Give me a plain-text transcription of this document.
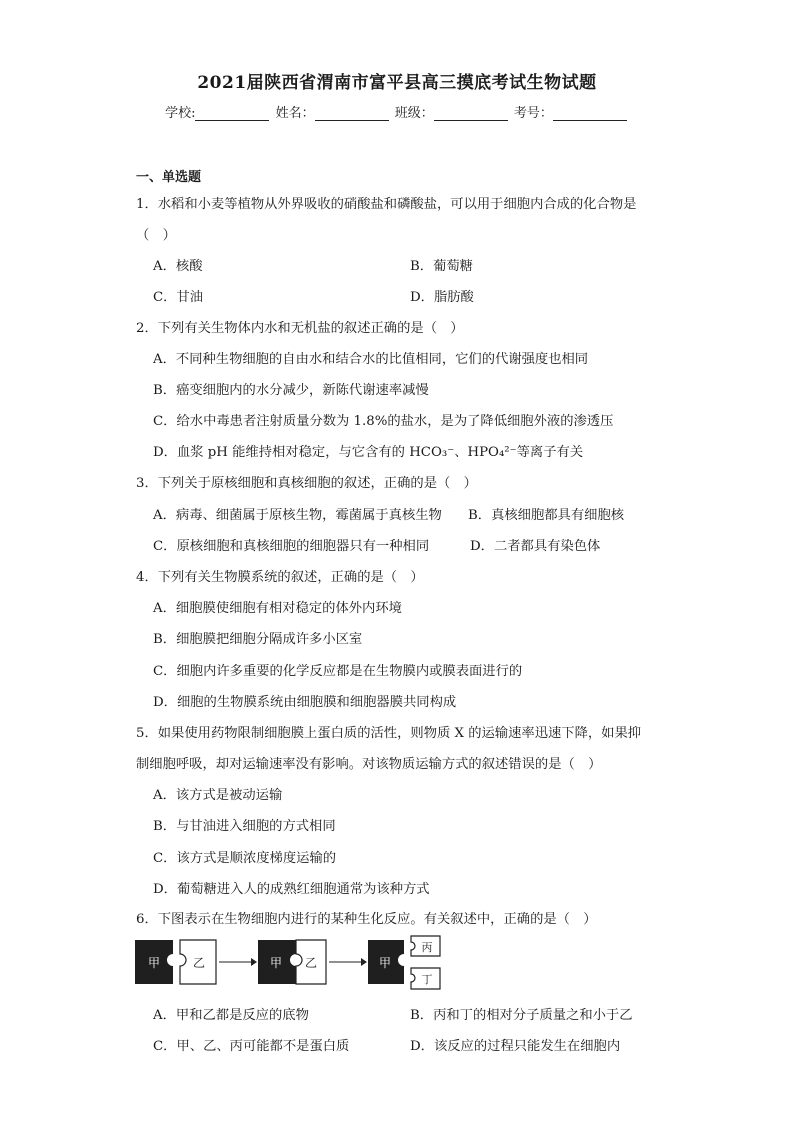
2021届陕西省渭南市富平县高三摸底考试生物试题
学校:	姓名：	班级：	考号：
一、单选题
1．水稻和小麦等植物从外界吸收的硝酸盐和磷酸盐，可以用于细胞内合成的化合物是
（　）
A．核酸	B．葡萄糖
C．甘油	D．脂肪酸
2．下列有关生物体内水和无机盐的叙述正确的是（　）
A．不同种生物细胞的自由水和结合水的比值相同，它们的代谢强度也相同
B．癌变细胞内的水分减少，新陈代谢速率减慢
C．给水中毒患者注射质量分数为 1.8%的盐水，是为了降低细胞外液的渗透压
D．血浆 pH 能维持相对稳定，与它含有的 HCO₃⁻、HPO₄²⁻等离子有关
3．下列关于原核细胞和真核细胞的叙述，正确的是（　）
A．病毒、细菌属于原核生物，霉菌属于真核生物 B．真核细胞都具有细胞核
C．原核细胞和真核细胞的细胞器只有一种相同	D．二者都具有染色体
4．下列有关生物膜系统的叙述，正确的是（　）
A．细胞膜使细胞有相对稳定的体外内环境
B．细胞膜把细胞分隔成许多小区室
C．细胞内许多重要的化学反应都是在生物膜内或膜表面进行的
D．细胞的生物膜系统由细胞膜和细胞器膜共同构成
5．如果使用药物限制细胞膜上蛋白质的活性，则物质 X 的运输速率迅速下降，如果抑
制细胞呼吸，却对运输速率没有影响。对该物质运输方式的叙述错误的是（　）
A．该方式是被动运输
B．与甘油进入细胞的方式相同
C．该方式是顺浓度梯度运输的
D．葡萄糖进入人的成熟红细胞通常为该种方式
6．下图表示在生物细胞内进行的某种生化反应。有关叙述中，正确的是（　）
甲	乙	甲 乙	甲
丙
丁
A．甲和乙都是反应的底物	B．丙和丁的相对分子质量之和小于乙
C．甲、乙、丙可能都不是蛋白质	D．该反应的过程只能发生在细胞内
